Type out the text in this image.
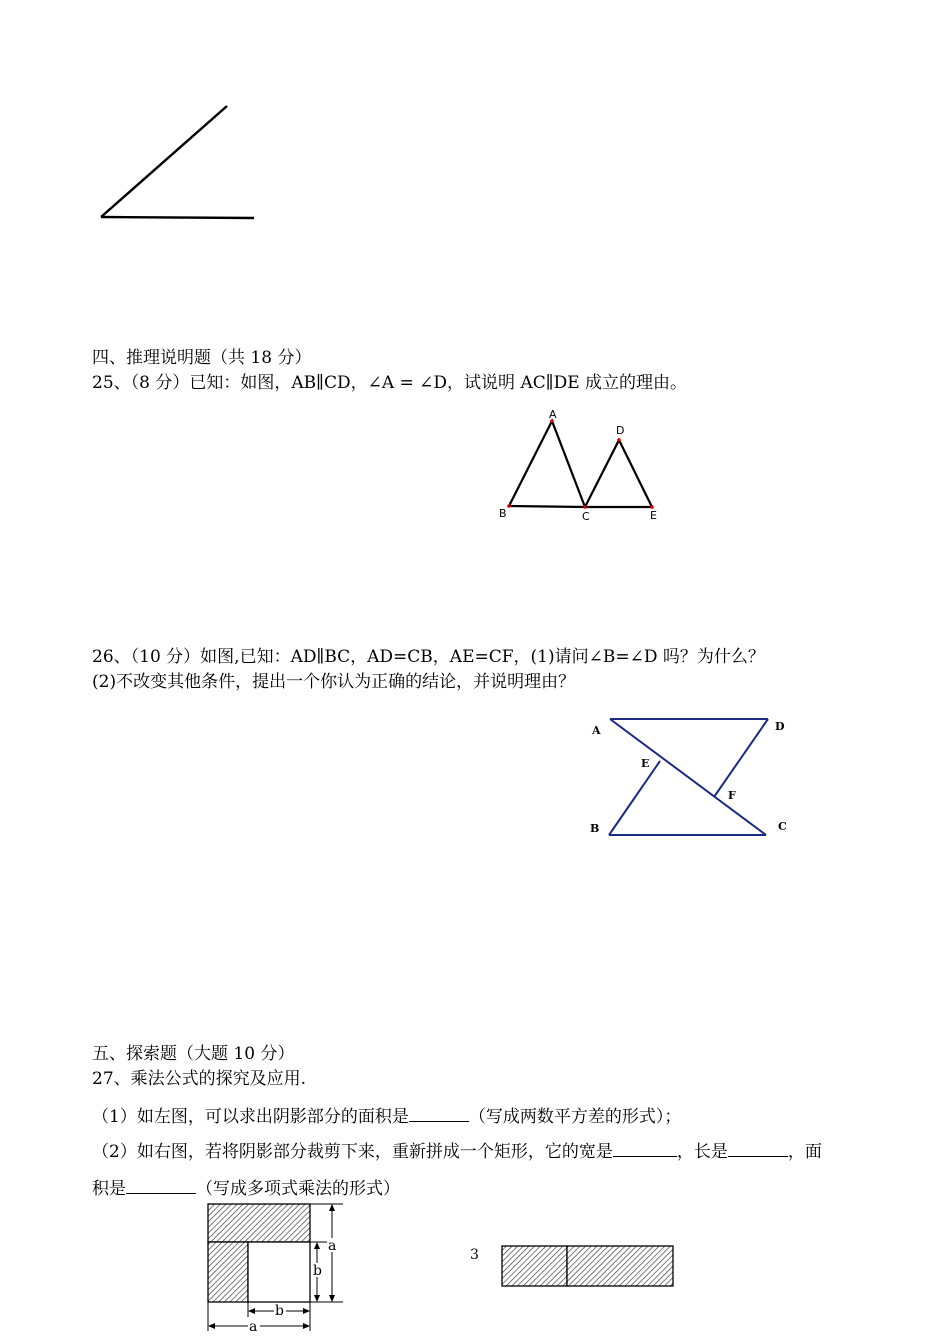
四、推理说明题（共 18 分）
25、（8 分）已知：如图，AB∥CD，∠A = ∠D，试说明 AC∥DE 成立的理由。
A
B	C
D
E
26、（10 分）如图,已知：AD∥BC，AD=CB，AE=CF，(1)请问∠B=∠D 吗？为什么？
(2)不改变其他条件，提出一个你认为正确的结论，并说明理由？
A	D
E
F
B	C
五、探索题（大题 10 分）
27、乘法公式的探究及应用.
（1）如左图，可以求出阴影部分的面积是	（写成两数平方差的形式）；
（2）如右图，若将阴影部分裁剪下来，重新拼成一个矩形，它的宽是	，长是	，面
积是	（写成多项式乘法的形式）
a
b
b
a
3
